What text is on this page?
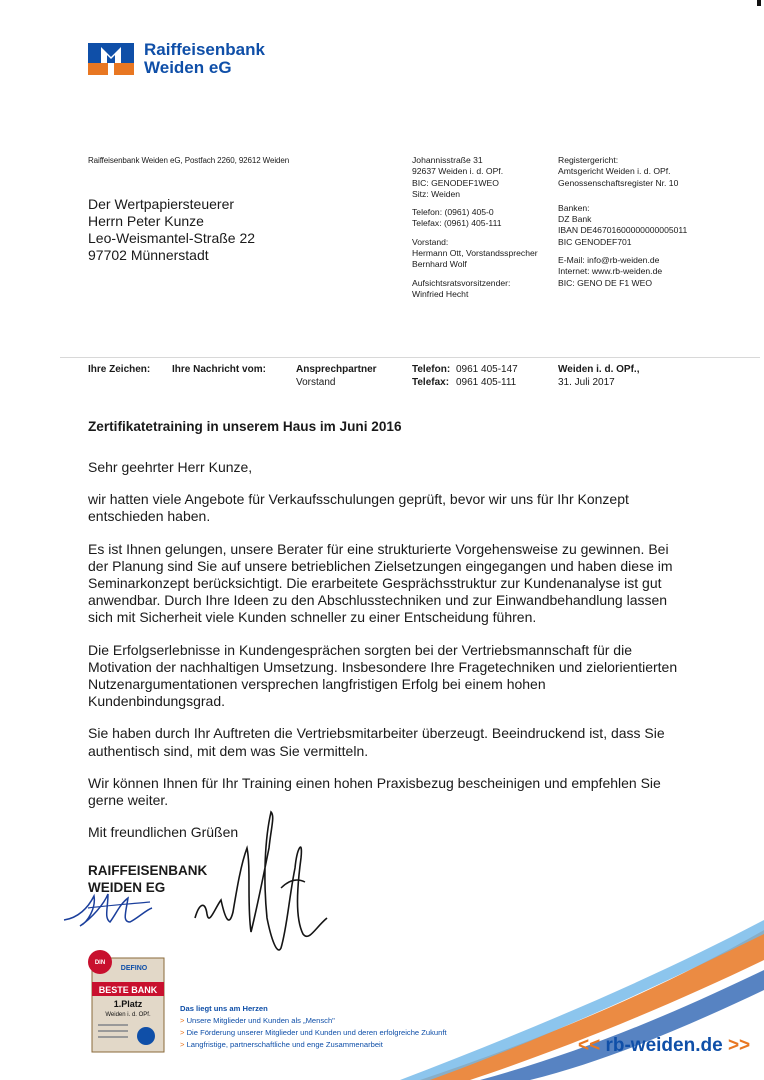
Raiffeisenbank
Weiden eG
Raiffeisenbank Weiden eG, Postfach 2260, 92612 Weiden
Der Wertpapiersteuerer
Herrn Peter Kunze
Leo-Weismantel-Straße 22
97702 Münnerstadt
Johannisstraße 31
92637 Weiden i. d. OPf.
BIC: GENODEF1WEO
Sitz: Weiden
Telefon: (0961) 405-0
Telefax: (0961) 405-111
Vorstand:
Hermann Ott, Vorstandssprecher
Bernhard Wolf
Aufsichtsratsvorsitzender:
Winfried Hecht
Registergericht:
Amtsgericht Weiden i. d. OPf.
Genossenschaftsregister Nr. 10
Banken:
DZ Bank
IBAN DE46701600000000005011
BIC GENODEF701
E-Mail: info@rb-weiden.de
Internet: www.rb-weiden.de
BIC: GENO DE F1 WEO
Ihre Zeichen: Ihre Nachricht vom:	Ansprechpartner
Vorstand
Telefon: 0961 405-147
Telefax: 0961 405-111
Weiden i. d. OPf.,
31. Juli 2017
Zertifikatetraining in unserem Haus im Juni 2016

Sehr geehrter Herr Kunze,

wir hatten viele Angebote für Verkaufsschulungen geprüft, bevor wir uns für Ihr Konzept entschieden haben.

Es ist Ihnen gelungen, unsere Berater für eine strukturierte Vorgehensweise zu gewinnen. Bei der Planung sind Sie auf unsere betrieblichen Zielsetzungen eingegangen und haben diese im Seminarkonzept berücksichtigt. Die erarbeitete Gesprächsstruktur zur Kundenanalyse ist gut anwendbar. Durch Ihre Ideen zu den Abschlusstechniken und zur Einwandbehandlung lassen sich mit Sicherheit viele Kunden schneller zu einer Entscheidung führen.

Die Erfolgserlebnisse in Kundengesprächen sorgten bei der Vertriebsmannschaft für die Motivation der nachhaltigen Umsetzung. Insbesondere Ihre Fragetechniken und zielorientierten Nutzenargumentationen versprechen langfristigen Erfolg bei einem hohen Kundenbindungsgrad.

Sie haben durch Ihr Auftreten die Vertriebsmitarbeiter überzeugt. Beeindruckend ist, dass Sie authentisch sind, mit dem was Sie vermitteln.

Wir können Ihnen für Ihr Training einen hohen Praxisbezug bescheinigen und empfehlen Sie gerne weiter.

Mit freundlichen Grüßen

RAIFFEISENBANK
WEIDEN EG
DIN
DEFINO
BESTE BANK
1.Platz
Weiden i. d. OPf.
Das liegt uns am Herzen
> Unsere Mitglieder und Kunden als „Mensch"
> Die Förderung unserer Mitglieder und Kunden und deren erfolgreiche Zukunft
> Langfristige, partnerschaftliche und enge Zusammenarbeit	<< rb-weiden.de >>
